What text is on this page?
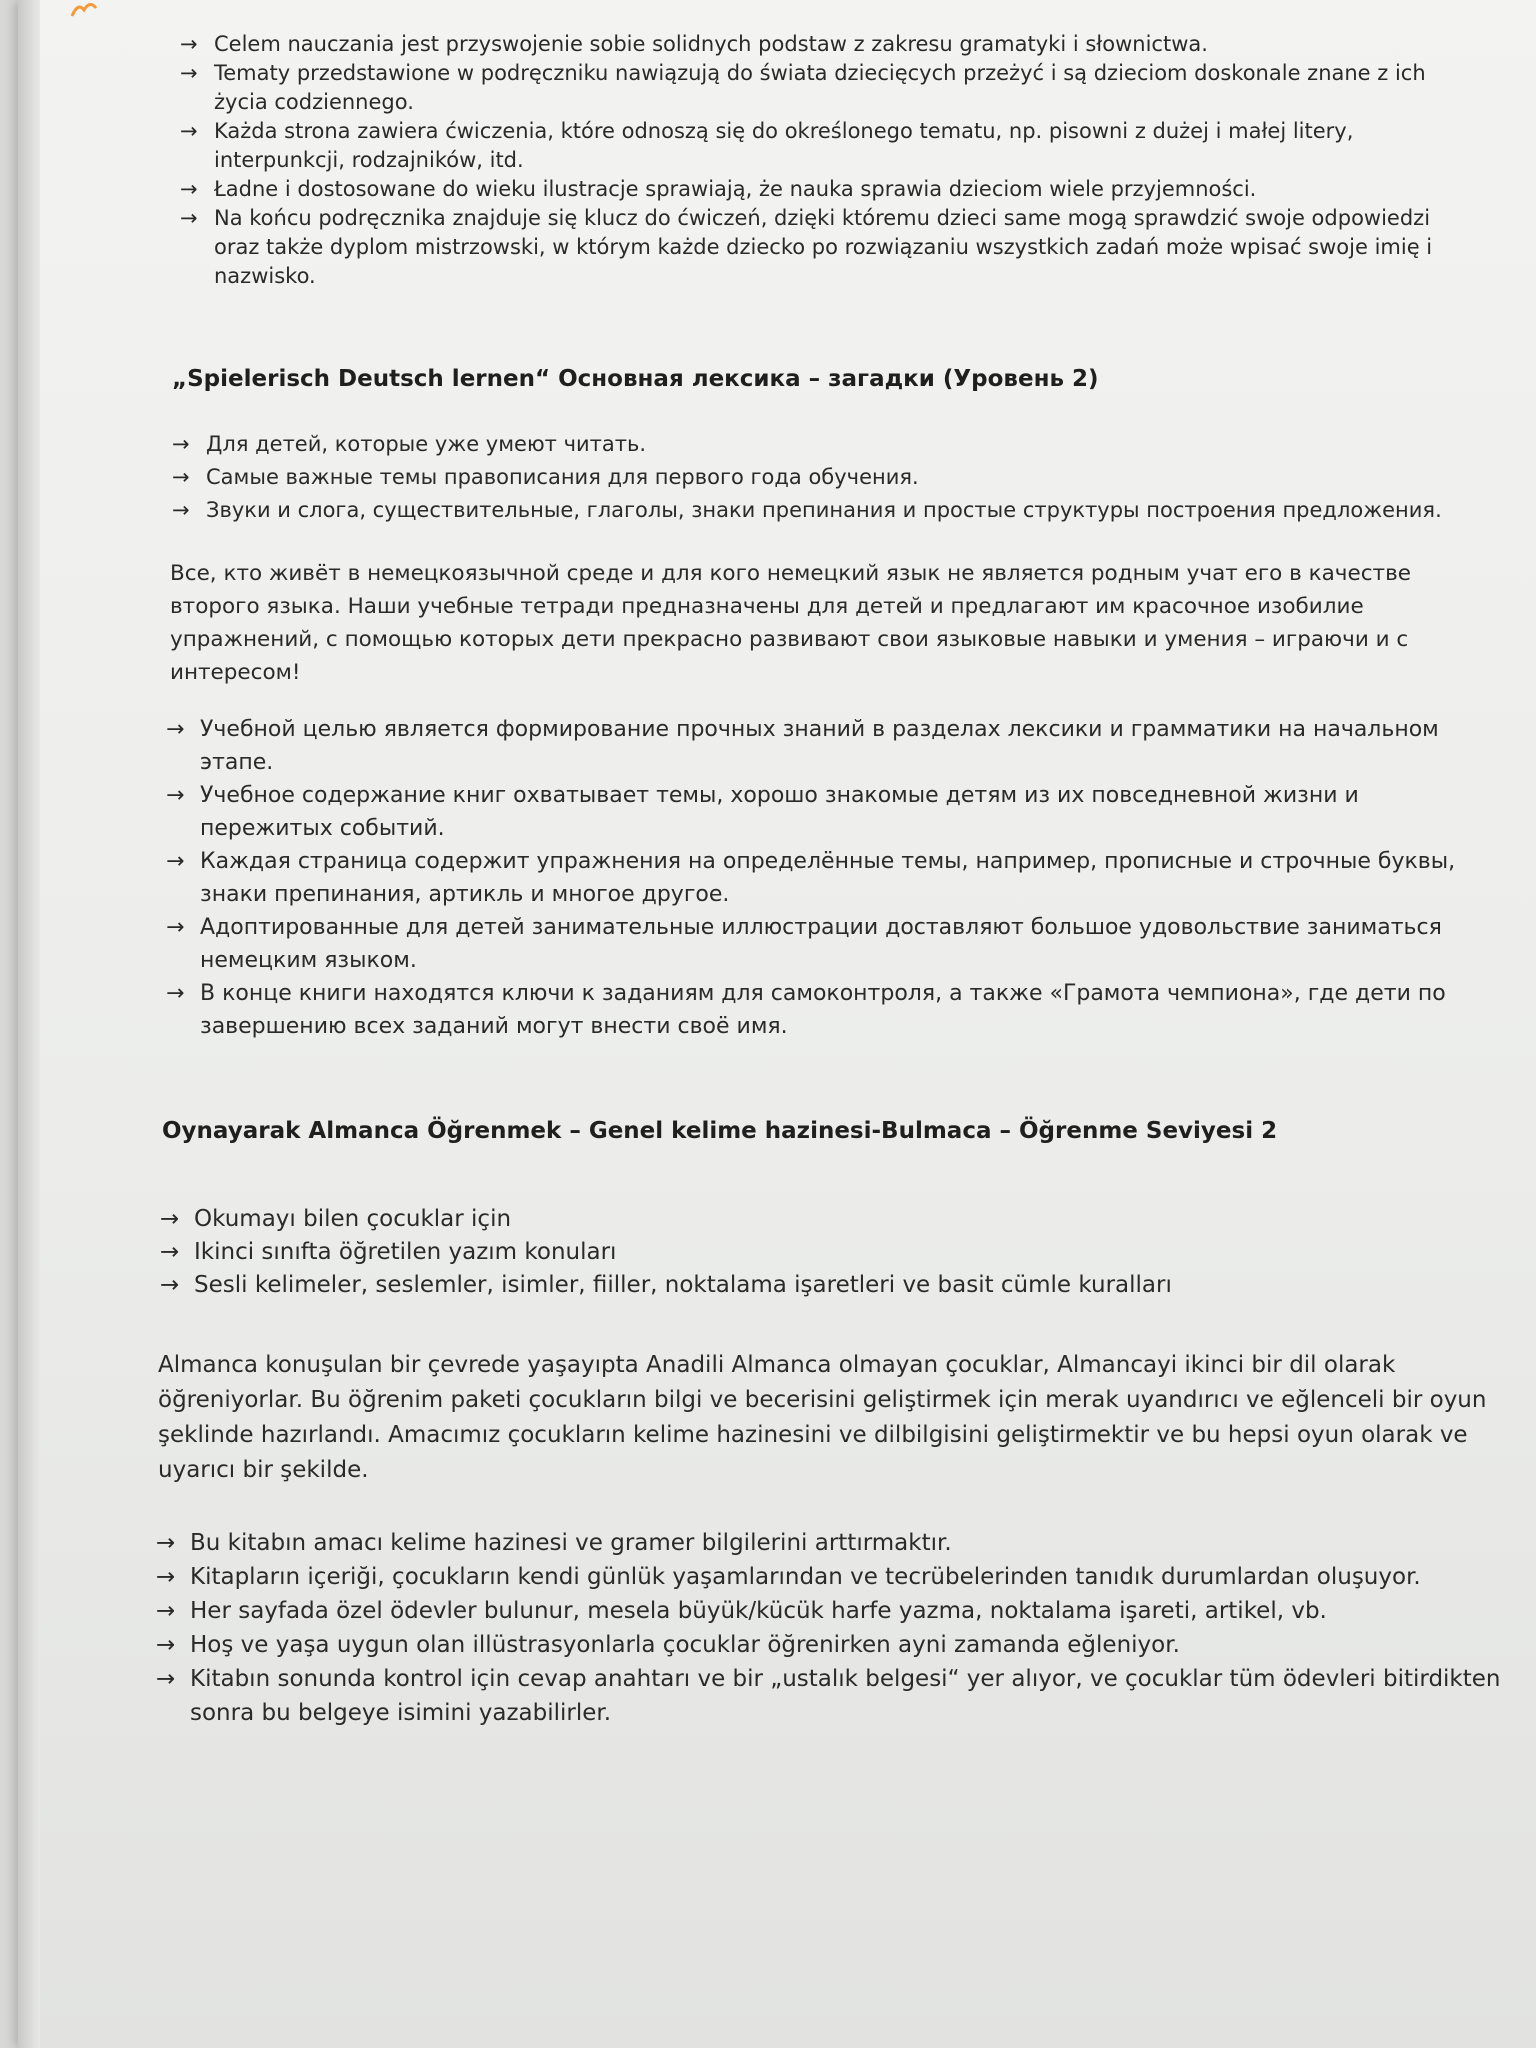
→ Celem nauczania jest przyswojenie sobie solidnych podstaw z zakresu gramatyki i słownictwa.
→ Tematy przedstawione w podręczniku nawiązują do świata dziecięcych przeżyć i są dzieciom doskonale znane z ich życia codziennego.
→ Każda strona zawiera ćwiczenia, które odnoszą się do określonego tematu, np. pisowni z dużej i małej litery, interpunkcji, rodzajników, itd.
→ Ładne i dostosowane do wieku ilustracje sprawiają, że nauka sprawia dzieciom wiele przyjemności.
→ Na końcu podręcznika znajduje się klucz do ćwiczeń, dzięki któremu dzieci same mogą sprawdzić swoje odpowiedzi oraz także dyplom mistrzowski, w którym każde dziecko po rozwiązaniu wszystkich zadań może wpisać swoje imię i nazwisko.
„Spielerisch Deutsch lernen“ Основная лексика – загадки (Уровень 2)
→ Для детей, которые уже умеют читать.
→ Самые важные темы правописания для первого года обучения.
→ Звуки и слога, существительные, глаголы, знаки препинания и простые структуры построения предложения.

Все, кто живёт в немецкоязычной среде и для кого немецкий язык не является родным учат его в качестве второго языка. Наши учебные тетради предназначены для детей и предлагают им красочное изобилие упражнений, с помощью которых дети прекрасно развивают свои языковые навыки и умения – играючи и с интересом!

→ Учебной целью является формирование прочных знаний в разделах лексики и грамматики на начальном этапе.
→ Учебное содержание книг охватывает темы, хорошо знакомые детям из их повседневной жизни и пережитых событий.
→ Каждая страница содержит упражнения на определённые темы, например, прописные и строчные буквы, знаки препинания, артикль и многое другое.
→ Адоптированные для детей занимательные иллюстрации доставляют большое удовольствие заниматься немецким языком.
→ В конце книги находятся ключи к заданиям для самоконтроля, а также «Грамота чемпиона», где дети по завершению всех заданий могут внести своё имя.
Oynayarak Almanca Öğrenmek – Genel kelime hazinesi-Bulmaca – Öğrenme Seviyesi 2
→ Okumayı bilen çocuklar için
→ Ikinci sınıfta öğretilen yazım konuları
→ Sesli kelimeler, seslemler, isimler, fiiller, noktalama işaretleri ve basit cümle kuralları

Almanca konuşulan bir çevrede yaşayıpta Anadili Almanca olmayan çocuklar, Almancayi ikinci bir dil olarak öğreniyorlar. Bu öğrenim paketi çocukların bilgi ve becerisini geliştirmek için merak uyandırıcı ve eğlenceli bir oyun şeklinde hazırlandı. Amacımız çocukların kelime hazinesini ve dilbilgisini geliştirmektir ve bu hepsi oyun olarak ve uyarıcı bir şekilde.

→ Bu kitabın amacı kelime hazinesi ve gramer bilgilerini arttırmaktır.
→ Kitapların içeriği, çocukların kendi günlük yaşamlarından ve tecrübelerinden tanıdık durumlardan oluşuyor.
→ Her sayfada özel ödevler bulunur, mesela büyük/kücük harfe yazma, noktalama işareti, artikel, vb.
→ Hoş ve yaşa uygun olan illüstrasyonlarla çocuklar öğrenirken ayni zamanda eğleniyor.
→ Kitabın sonunda kontrol için cevap anahtarı ve bir „ustalık belgesi“ yer alıyor, ve çocuklar tüm ödevleri bitirdikten sonra bu belgeye isimini yazabilirler.
